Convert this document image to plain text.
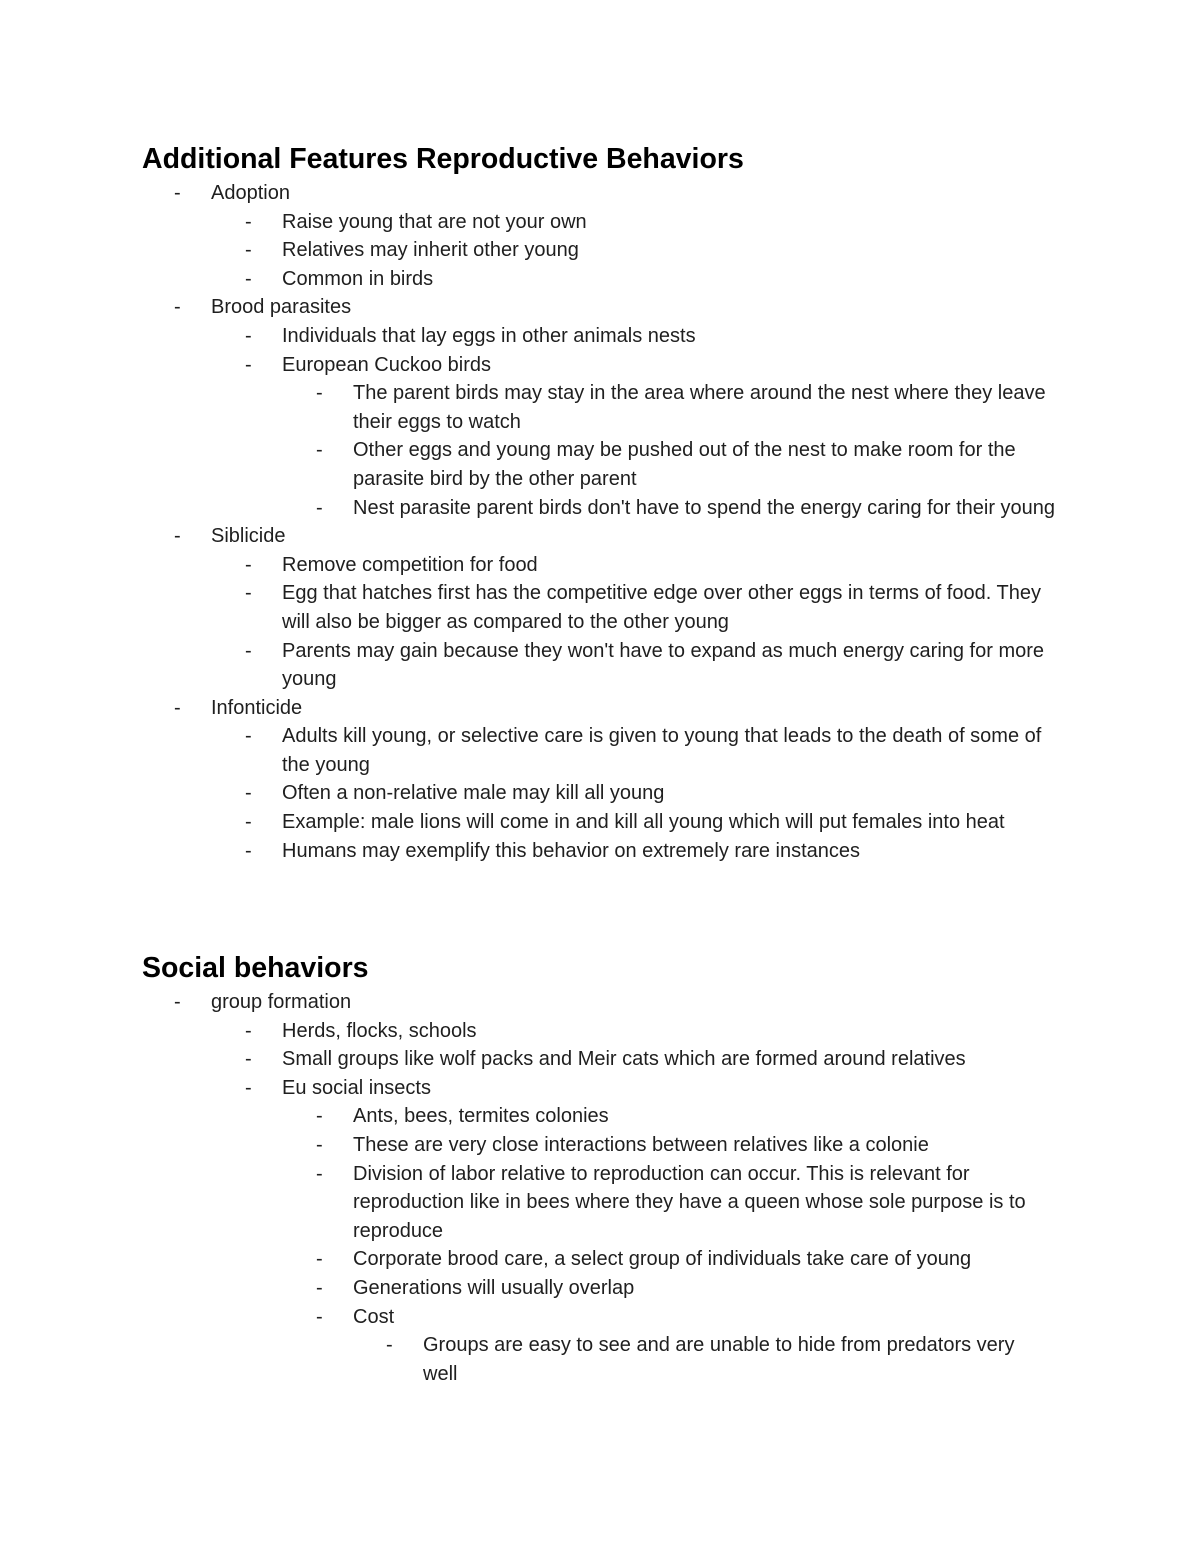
Additional Features Reproductive Behaviors
-	Adoption
-	Raise young that are not your own
-	Relatives may inherit other young
-	Common in birds
-	Brood parasites
-	Individuals that lay eggs in other animals nests
-	European Cuckoo birds
-	The parent birds may stay in the area where around the nest where they leave their eggs to watch
-	Other eggs and young may be pushed out of the nest to make room for the parasite bird by the other parent
-	Nest parasite parent birds don't have to spend the energy caring for their young
-	Siblicide
-	Remove competition for food
-	Egg that hatches first has the competitive edge over other eggs in terms of food. They will also be bigger as compared to the other young
-	Parents may gain because they won't have to expand as much energy caring for more young
-	Infonticide
-	Adults kill young, or selective care is given to young that leads to the death of some of the young
-	Often a non-relative male may kill all young
-	Example: male lions will come in and kill all young which will put females into heat
-	Humans may exemplify this behavior on extremely rare instances
Social behaviors
-	group formation
-	Herds, flocks, schools
-	Small groups like wolf packs and Meir cats which are formed around relatives
-	Eu social insects
-	Ants, bees, termites colonies
-	These are very close interactions between relatives like a colonie
-	Division of labor relative to reproduction can occur. This is relevant for reproduction like in bees where they have a queen whose sole purpose is to reproduce
-	Corporate brood care, a select group of individuals take care of young
-	Generations will usually overlap
-	Cost
-	Groups are easy to see and are unable to hide from predators very well
